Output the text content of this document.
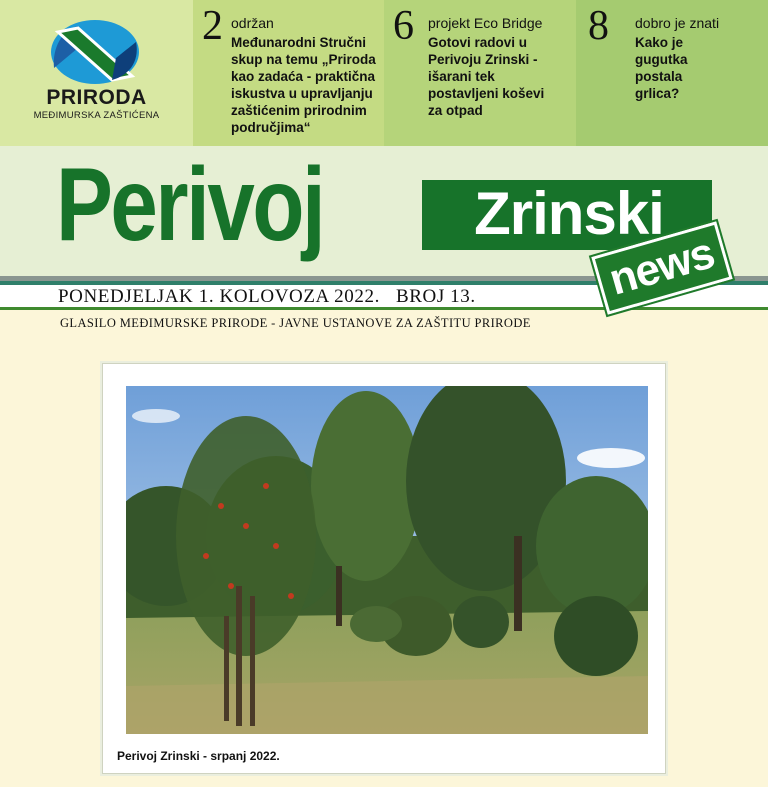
PRIRODA
MEĐIMURSKA ZAŠTIĆENA
2 održan
Međunarodni Stručni skup na temu „Priroda kao zadaća - praktična iskustva u upravljanju zaštićenim prirodnim područjima“
6 projekt Eco Bridge
Gotovi radovi u Perivoju Zrinski - išarani tek postavljeni koševi za otpad
8 dobro je znati
Kako je gugutka postala grlica?
Perivoj	Zrinski
PONEDJELJAK 1. KOLOVOZA 2022.   BROJ 13.	news
GLASILO MEĐIMURSKE PRIRODE - JAVNE USTANOVE ZA ZAŠTITU PRIRODE
Perivoj Zrinski - srpanj 2022.
